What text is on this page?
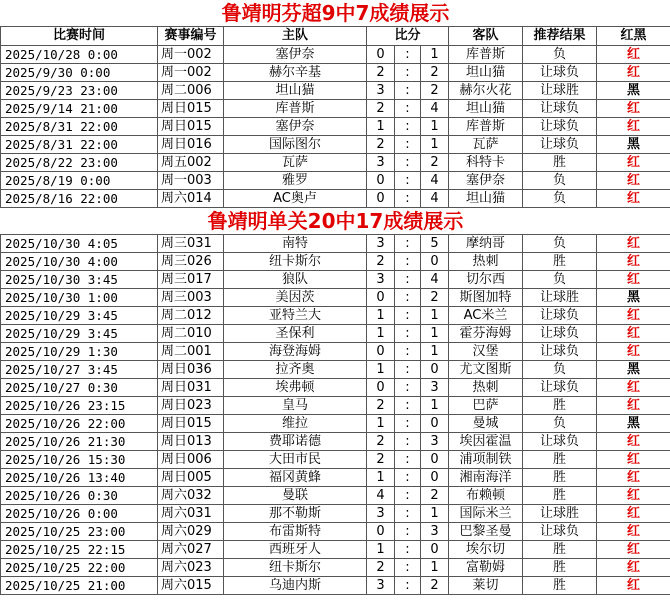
鲁靖明芬超9中7成绩展示								
比赛时间	赛事编号	主队	比分			客队	推荐结果	红黑
2025/10/28 0:00	周一002	塞伊奈	0	:	1	库普斯	负	红
2025/9/30 0:00	周一002	赫尔辛基	2	:	2	坦山猫	让球负	红
2025/9/23 23:00	周二006	坦山猫	3	:	2	赫尔火花	让球胜	黑
2025/9/14 21:00	周日015	库普斯	2	:	4	坦山猫	让球负	红
2025/8/31 22:00	周日015	塞伊奈	1	:	1	库普斯	让球负	红
2025/8/31 22:00	周日016	国际图尔	2	:	1	瓦萨	让球负	黑
2025/8/22 23:00	周五002	瓦萨	3	:	2	科特卡	胜	红
2025/8/19 0:00	周一003	雅罗	0	:	4	塞伊奈	负	红
2025/8/16 22:00	周六014	AC奥卢	0	:	4	坦山猫	负	红
鲁靖明单关20中17成绩展示								
2025/10/30 4:05	周三031	南特	3	:	5	摩纳哥	负	红
2025/10/30 4:00	周三026	纽卡斯尔	2	:	0	热刺	胜	红
2025/10/30 3:45	周三017	狼队	3	:	4	切尔西	负	红
2025/10/30 1:00	周三003	美因茨	0	:	2	斯图加特	让球胜	黑
2025/10/29 3:45	周二012	亚特兰大	1	:	1	AC米兰	让球负	红
2025/10/29 3:45	周二010	圣保利	1	:	1	霍芬海姆	让球负	红
2025/10/29 1:30	周二001	海登海姆	0	:	1	汉堡	让球负	红
2025/10/27 3:45	周日036	拉齐奥	1	:	0	尤文图斯	负	黑
2025/10/27 0:30	周日031	埃弗顿	0	:	3	热刺	让球负	红
2025/10/26 23:15	周日023	皇马	2	:	1	巴萨	胜	红
2025/10/26 22:00	周日015	维拉	1	:	0	曼城	负	黑
2025/10/26 21:30	周日013	费耶诺德	2	:	3	埃因霍温	让球负	红
2025/10/26 15:30	周日006	大田市民	2	:	0	浦项制铁	胜	红
2025/10/26 13:40	周日005	福冈黄蜂	1	:	0	湘南海洋	胜	红
2025/10/26 0:30	周六032	曼联	4	:	2	布赖顿	胜	红
2025/10/26 0:00	周六031	那不勒斯	3	:	1	国际米兰	让球胜	红
2025/10/25 23:00	周六029	布雷斯特	0	:	3	巴黎圣曼	让球负	红
2025/10/25 22:15	周六027	西班牙人	1	:	0	埃尔切	胜	红
2025/10/25 22:00	周六023	纽卡斯尔	2	:	1	富勒姆	胜	红
2025/10/25 21:00	周六015	乌迪内斯	3	:	2	莱切	胜	红
